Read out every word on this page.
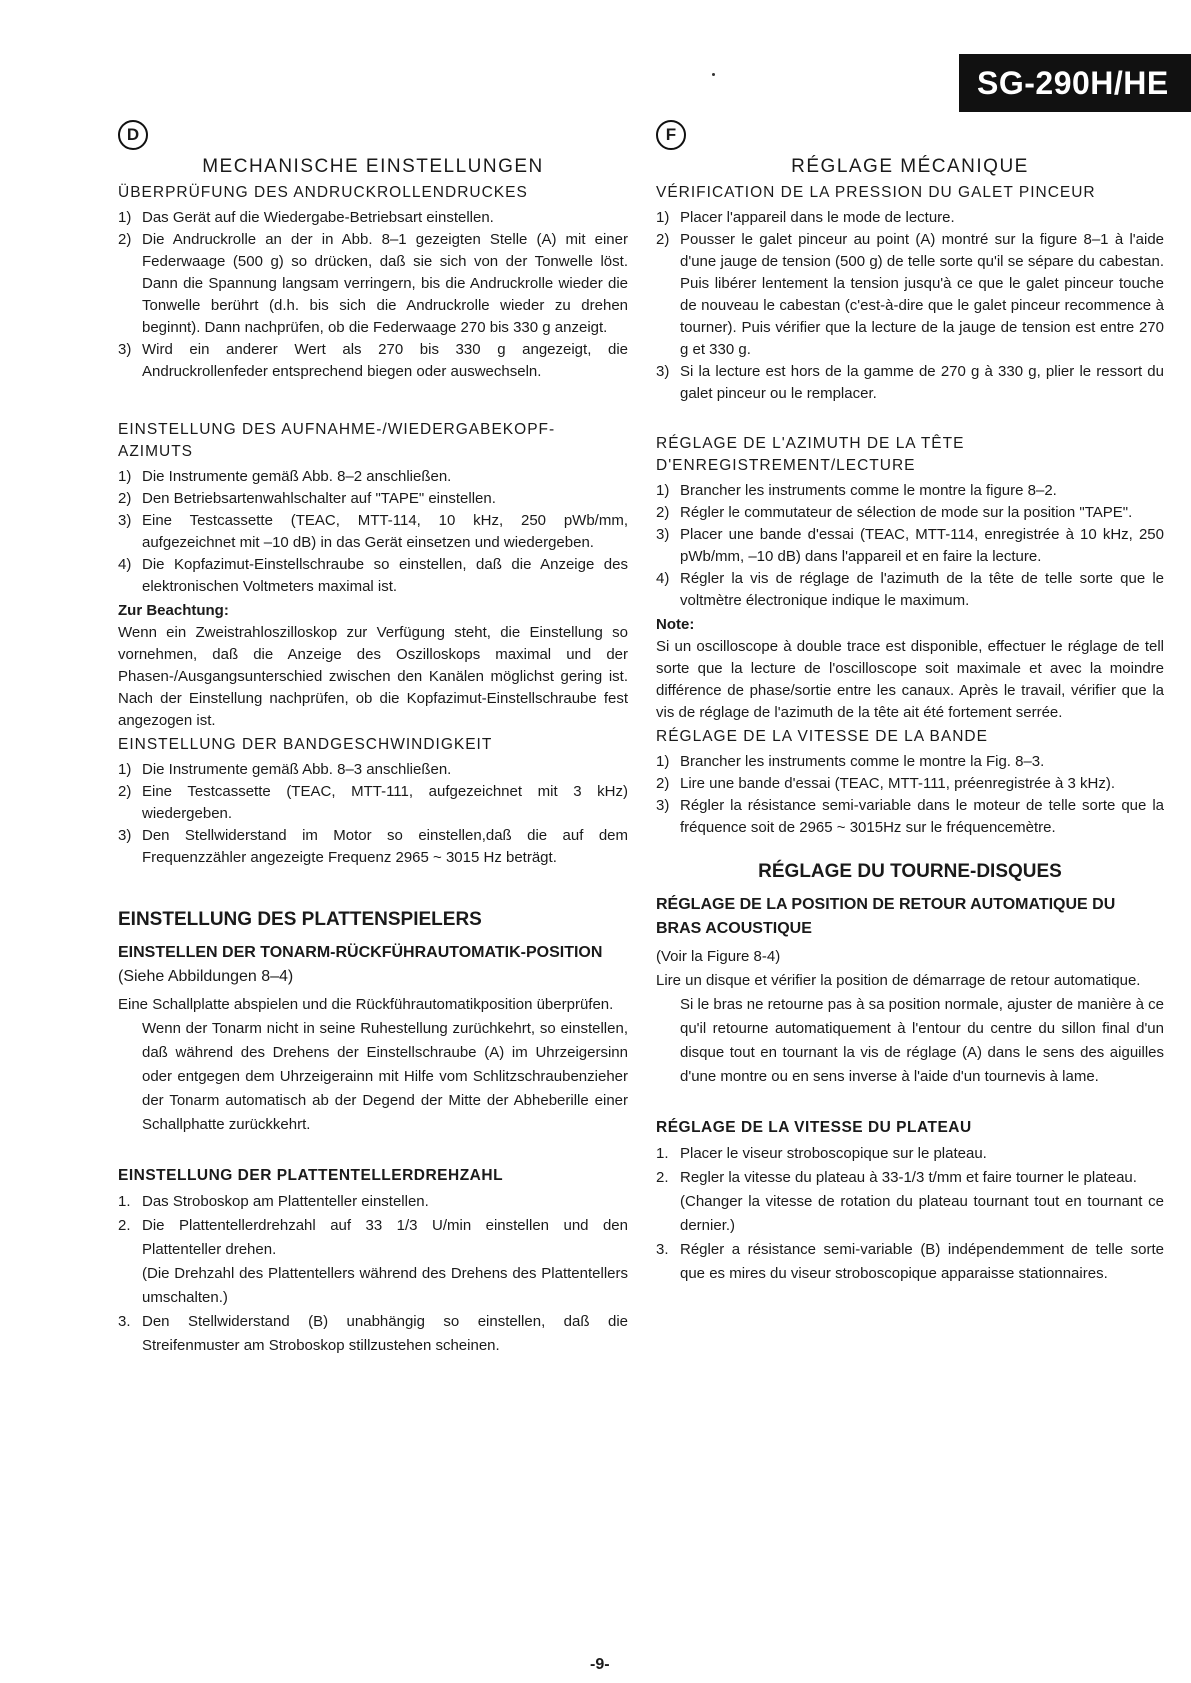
SG-290H/HE
D
MECHANISCHE EINSTELLUNGEN
ÜBERPRÜFUNG DES ANDRUCKROLLENDRUCKES
1) Das Gerät auf die Wiedergabe-Betriebsart einstellen.
2) Die Andruckrolle an der in Abb. 8–1 gezeigten Stelle (A) mit einer Federwaage (500 g) so drücken, daß sie sich von der Tonwelle löst. Dann die Spannung langsam verringern, bis die Andruckrolle wieder die Tonwelle berührt (d.h. bis sich die Andruckrolle wieder zu drehen beginnt). Dann nachprüfen, ob die Federwaage 270 bis 330 g anzeigt.
3) Wird ein anderer Wert als 270 bis 330 g angezeigt, die Andruckrollenfeder entsprechend biegen oder auswechseln.
EINSTELLUNG DES AUFNAHME-/WIEDERGABEKOPF-AZIMUTS
1) Die Instrumente gemäß Abb. 8–2 anschließen.
2) Den Betriebsartenwahlschalter auf "TAPE" einstellen.
3) Eine Testcassette (TEAC, MTT-114, 10 kHz, 250 pWb/mm, aufgezeichnet mit –10 dB) in das Gerät einsetzen und wiedergeben.
4) Die Kopfazimut-Einstellschraube so einstellen, daß die Anzeige des elektronischen Voltmeters maximal ist.
Zur Beachtung:

Wenn ein Zweistrahloszilloskop zur Verfügung steht, die Einstellung so vornehmen, daß die Anzeige des Oszilloskops maximal und der Phasen-/Ausgangsunterschied zwischen den Kanälen möglichst gering ist. Nach der Einstellung nachprüfen, ob die Kopfazimut-Einstellschraube fest angezogen ist.

EINSTELLUNG DER BANDGESCHWINDIGKEIT
1) Die Instrumente gemäß Abb. 8–3 anschließen.
2) Eine Testcassette (TEAC, MTT-111, aufgezeichnet mit 3 kHz) wiedergeben.
3) Den Stellwiderstand im Motor so einstellen,daß die auf dem Frequenzzähler angezeigte Frequenz 2965 ~ 3015 Hz beträgt.
EINSTELLUNG DES PLATTENSPIELERS
EINSTELLEN DER TONARM-RÜCKFÜHRAUTOMATIK-POSITION (Siehe Abbildungen 8–4)

Eine Schallplatte abspielen und die Rückführautomatikposition überprüfen.

Wenn der Tonarm nicht in seine Ruhestellung zurüchkehrt, so einstellen, daß während des Drehens der Einstellschraube (A) im Uhrzeigersinn oder entgegen dem Uhrzeigerainn mit Hilfe vom Schlitzschraubenzieher der Tonarm automatisch ab der Degend der Mitte der Abheberille einer Schallphatte zurückkehrt.

EINSTELLUNG DER PLATTENTELLERDREHZAHL
1. Das Stroboskop am Plattenteller einstellen.
2. Die Plattentellerdrehzahl auf 33 1/3 U/min einstellen und den Plattenteller drehen.
(Die Drehzahl des Plattentellers während des Drehens des Plattentellers umschalten.)
3. Den Stellwiderstand (B) unabhängig so einstellen, daß die Streifenmuster am Stroboskop stillzustehen scheinen.
F
RÉGLAGE MÉCANIQUE
VÉRIFICATION DE LA PRESSION DU GALET PINCEUR
1) Placer l'appareil dans le mode de lecture.
2) Pousser le galet pinceur au point (A) montré sur la figure 8–1 à l'aide d'une jauge de tension (500 g) de telle sorte qu'il se sépare du cabestan. Puis libérer lentement la tension jusqu'à ce que le galet pinceur touche de nouveau le cabestan (c'est-à-dire que le galet pinceur recommence à tourner). Puis vérifier que la lecture de la jauge de tension est entre 270 g et 330 g.
3) Si la lecture est hors de la gamme de 270 g à 330 g, plier le ressort du galet pinceur ou le remplacer.
RÉGLAGE DE L'AZIMUTH DE LA TÊTE D'ENREGISTREMENT/LECTURE
1) Brancher les instruments comme le montre la figure 8–2.
2) Régler le commutateur de sélection de mode sur la position "TAPE".
3) Placer une bande d'essai (TEAC, MTT-114, enregistrée à 10 kHz, 250 pWb/mm, –10 dB) dans l'appareil et en faire la lecture.
4) Régler la vis de réglage de l'azimuth de la tête de telle sorte que le voltmètre électronique indique le maximum.
Note:

Si un oscilloscope à double trace est disponible, effectuer le réglage de tell sorte que la lecture de l'oscilloscope soit maximale et avec la moindre différence de phase/sortie entre les canaux. Après le travail, vérifier que la vis de réglage de l'azimuth de la tête ait été fortement serrée.

RÉGLAGE DE LA VITESSE DE LA BANDE
1) Brancher les instruments comme le montre la Fig. 8–3.
2) Lire une bande d'essai (TEAC, MTT-111, préenregistrée à 3 kHz).
3) Régler la résistance semi-variable dans le moteur de telle sorte que la fréquence soit de 2965 ~ 3015Hz sur le fréquencemètre.
RÉGLAGE DU TOURNE-DISQUES
RÉGLAGE DE LA POSITION DE RETOUR AUTOMATIQUE DU BRAS ACOUSTIQUE
(Voir la Figure 8-4)

Lire un disque et vérifier la position de démarrage de retour automatique.

Si le bras ne retourne pas à sa position normale, ajuster de manière à ce qu'il retourne automatiquement à l'entour du centre du sillon final d'un disque tout en tournant la vis de réglage (A) dans le sens des aiguilles d'une montre ou en sens inverse à l'aide d'un tournevis à lame.

RÉGLAGE DE LA VITESSE DU PLATEAU
1. Placer le viseur stroboscopique sur le plateau.
2. Regler la vitesse du plateau à 33-1/3 t/mm et faire tourner le plateau.
(Changer la vitesse de rotation du plateau tournant tout en tournant ce dernier.)
3. Régler a résistance semi-variable (B) indépendemment de telle sorte que es mires du viseur stroboscopique apparaisse stationnaires.
-9-
